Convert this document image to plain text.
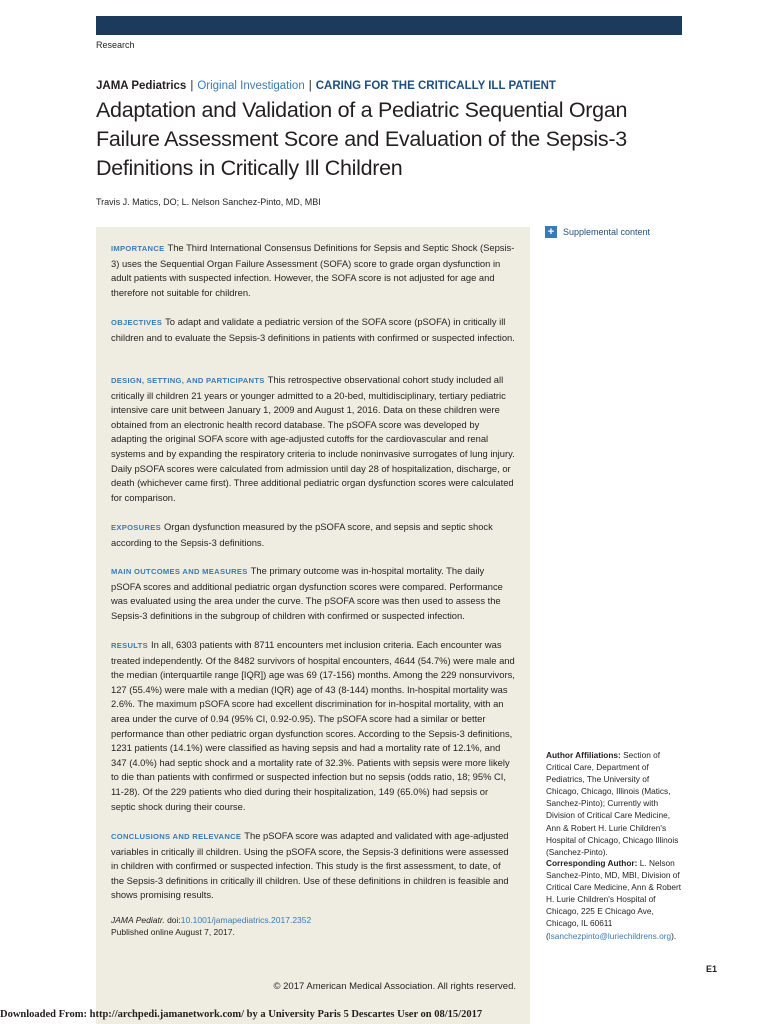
Research
JAMA Pediatrics | Original Investigation | CARING FOR THE CRITICALLY ILL PATIENT
Adaptation and Validation of a Pediatric Sequential Organ Failure Assessment Score and Evaluation of the Sepsis-3 Definitions in Critically Ill Children
Travis J. Matics, DO; L. Nelson Sanchez-Pinto, MD, MBI

IMPORTANCE The Third International Consensus Definitions for Sepsis and Septic Shock (Sepsis-3) uses the Sequential Organ Failure Assessment (SOFA) score to grade organ dysfunction in adult patients with suspected infection. However, the SOFA score is not adjusted for age and therefore not suitable for children.

OBJECTIVES To adapt and validate a pediatric version of the SOFA score (pSOFA) in critically ill children and to evaluate the Sepsis-3 definitions in patients with confirmed or suspected infection.

DESIGN, SETTING, AND PARTICIPANTS This retrospective observational cohort study included all critically ill children 21 years or younger admitted to a 20-bed, multidisciplinary, tertiary pediatric intensive care unit between January 1, 2009 and August 1, 2016. Data on these children were obtained from an electronic health record database. The pSOFA score was developed by adapting the original SOFA score with age-adjusted cutoffs for the cardiovascular and renal systems and by expanding the respiratory criteria to include noninvasive surrogates of lung injury. Daily pSOFA scores were calculated from admission until day 28 of hospitalization, discharge, or death (whichever came first). Three additional pediatric organ dysfunction scores were calculated for comparison.

EXPOSURES Organ dysfunction measured by the pSOFA score, and sepsis and septic shock according to the Sepsis-3 definitions.

MAIN OUTCOMES AND MEASURES The primary outcome was in-hospital mortality. The daily pSOFA scores and additional pediatric organ dysfunction scores were compared. Performance was evaluated using the area under the curve. The pSOFA score was then used to assess the Sepsis-3 definitions in the subgroup of children with confirmed or suspected infection.

RESULTS In all, 6303 patients with 8711 encounters met inclusion criteria. Each encounter was treated independently. Of the 8482 survivors of hospital encounters, 4644 (54.7%) were male and the median (interquartile range [IQR]) age was 69 (17-156) months. Among the 229 nonsurvivors, 127 (55.4%) were male with a median (IQR) age of 43 (8-144) months. In-hospital mortality was 2.6%. The maximum pSOFA score had excellent discrimination for in-hospital mortality, with an area under the curve of 0.94 (95% CI, 0.92-0.95). The pSOFA score had a similar or better performance than other pediatric organ dysfunction scores. According to the Sepsis-3 definitions, 1231 patients (14.1%) were classified as having sepsis and had a mortality rate of 12.1%, and 347 (4.0%) had septic shock and a mortality rate of 32.3%. Patients with sepsis were more likely to die than patients with confirmed or suspected infection but no sepsis (odds ratio, 18; 95% CI, 11-28). Of the 229 patients who died during their hospitalization, 149 (65.0%) had sepsis or septic shock during their course.

CONCLUSIONS AND RELEVANCE The pSOFA score was adapted and validated with age-adjusted variables in critically ill children. Using the pSOFA score, the Sepsis-3 definitions were assessed in children with confirmed or suspected infection. This study is the first assessment, to date, of the Sepsis-3 definitions in critically ill children. Use of these definitions in children is feasible and shows promising results.

JAMA Pediatr. doi:10.1001/jamapediatrics.2017.2352
Published online August 7, 2017.
© 2017 American Medical Association. All rights reserved.
+ Supplemental content

Author Affiliations: Section of Critical Care, Department of Pediatrics, The University of Chicago, Chicago, Illinois (Matics, Sanchez-Pinto); Currently with Division of Critical Care Medicine, Ann & Robert H. Lurie Children's Hospital of Chicago, Chicago Illinois (Sanchez-Pinto).

Corresponding Author: L. Nelson Sanchez-Pinto, MD, MBI, Division of Critical Care Medicine, Ann & Robert H. Lurie Children's Hospital of Chicago, 225 E Chicago Ave, Chicago, IL 60611 (lsanchezpinto@luriechildrens.org).

E1
Downloaded From: http://archpedi.jamanetwork.com/ by a University Paris 5 Descartes User on 08/15/2017
